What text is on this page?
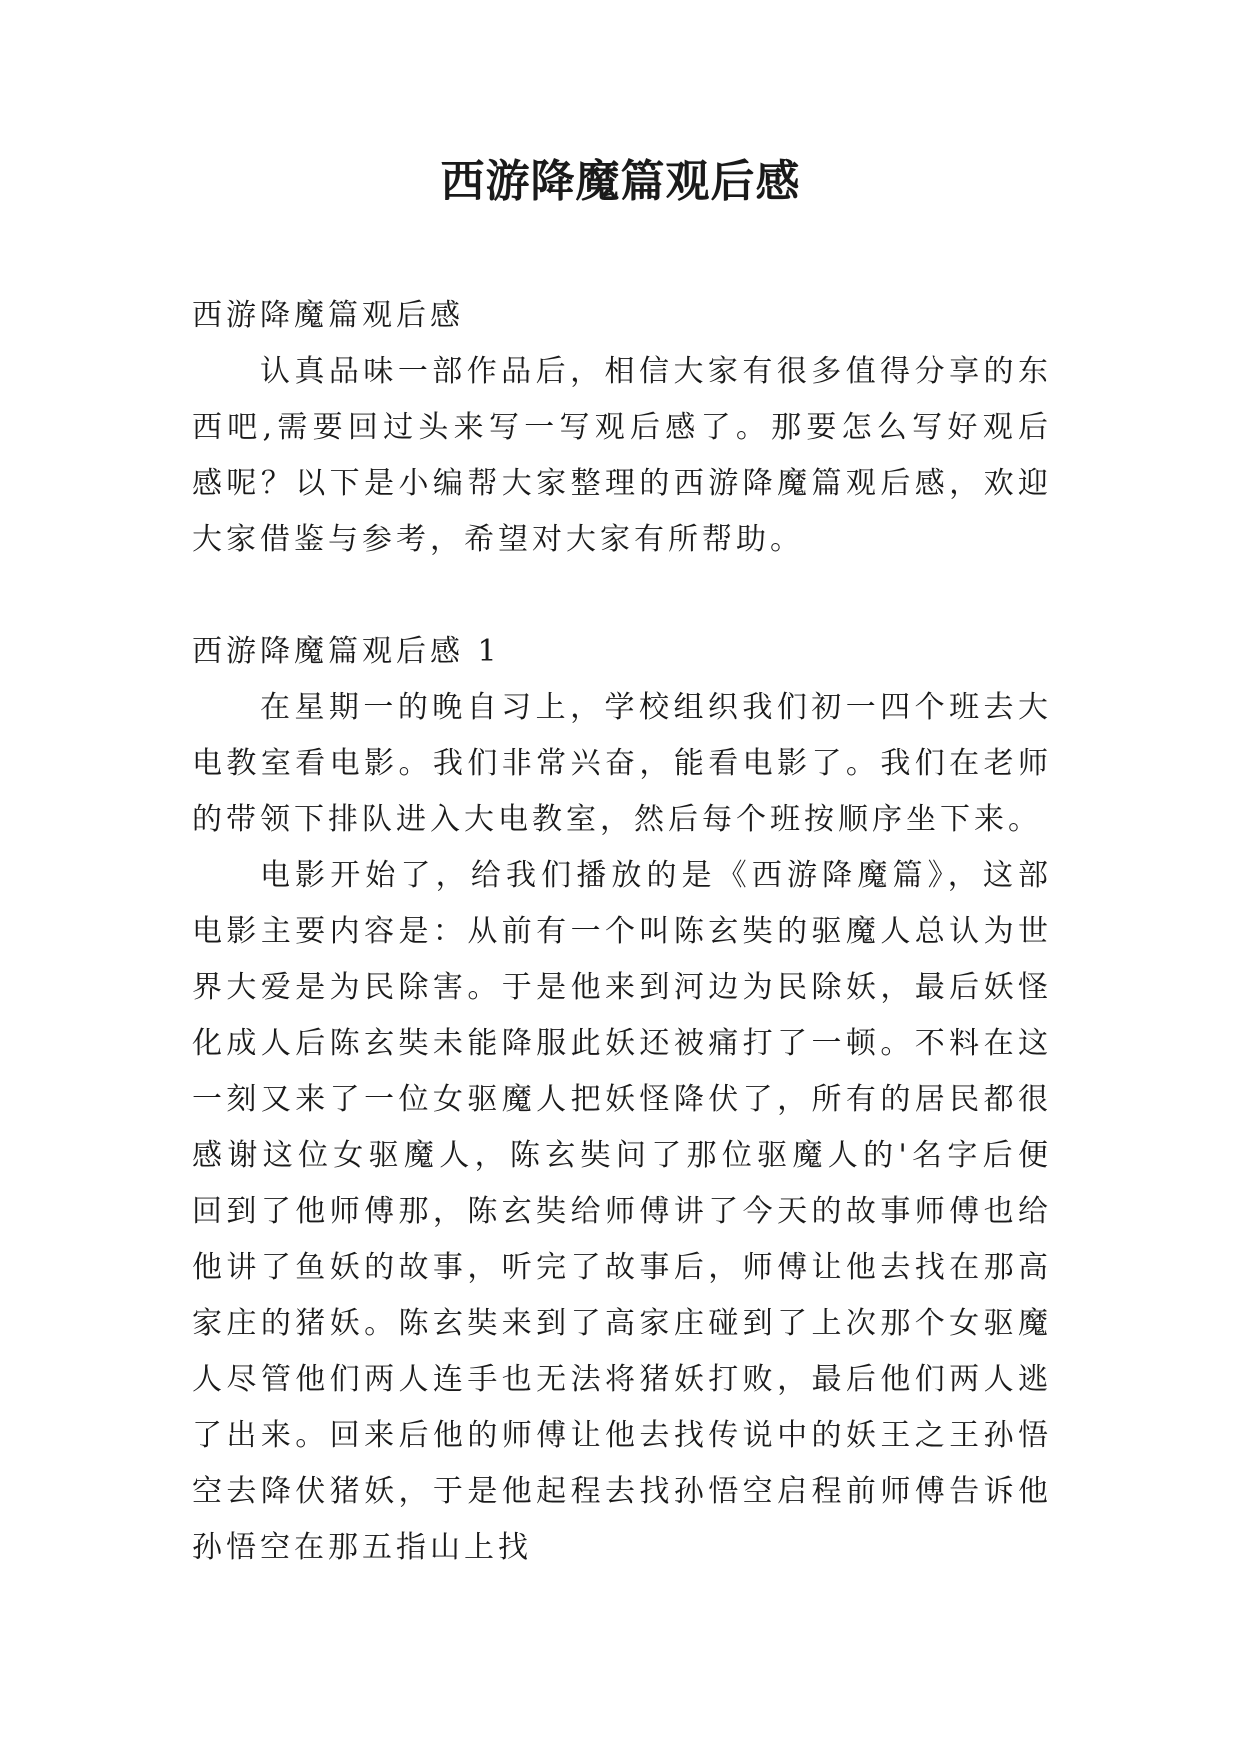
西游降魔篇观后感

西游降魔篇观后感

认真品味一部作品后，相信大家有很多值得分享的东西吧,需要回过头来写一写观后感了。那要怎么写好观后感呢？以下是小编帮大家整理的西游降魔篇观后感，欢迎大家借鉴与参考，希望对大家有所帮助。

西游降魔篇观后感 1

在星期一的晚自习上，学校组织我们初一四个班去大电教室看电影。我们非常兴奋，能看电影了。我们在老师的带领下排队进入大电教室，然后每个班按顺序坐下来。

电影开始了，给我们播放的是《西游降魔篇》，这部电影主要内容是：从前有一个叫陈玄奘的驱魔人总认为世界大爱是为民除害。于是他来到河边为民除妖，最后妖怪化成人后陈玄奘未能降服此妖还被痛打了一顿。不料在这一刻又来了一位女驱魔人把妖怪降伏了，所有的居民都很感谢这位女驱魔人，陈玄奘问了那位驱魔人的'名字后便回到了他师傅那，陈玄奘给师傅讲了今天的故事师傅也给他讲了鱼妖的故事，听完了故事后，师傅让他去找在那高家庄的猪妖。陈玄奘来到了高家庄碰到了上次那个女驱魔人尽管他们两人连手也无法将猪妖打败，最后他们两人逃了出来。回来后他的师傅让他去找传说中的妖王之王孙悟空去降伏猪妖，于是他起程去找孙悟空启程前师傅告诉他孙悟空在那五指山上找
